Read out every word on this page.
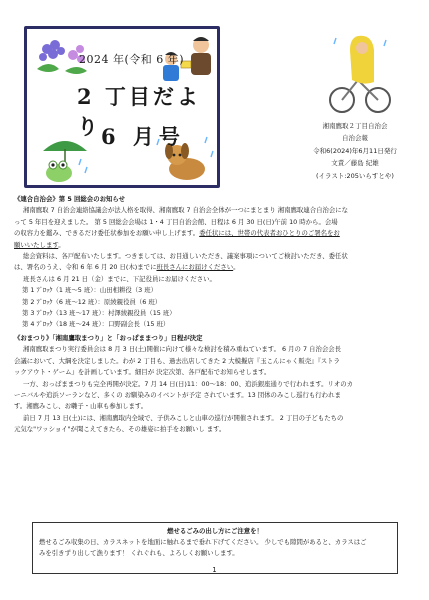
2024 年(令和 6 年)
2 丁目だより 6 月号	湘南鷹取２丁目自治会
自治会報
令和6(2024)年6月11日発行
文責／藤島 紀雄
(イラスト:205いらすとや)

《連合自治会》第 5 回総会のお知らせ

湘南鷹取 7 自治会連絡協議会が法人格を取得、湘南鷹取 7 自治会全体が一つにまとまり 湘南鷹取連合自治会にな

って 5 年目を迎えました。 第 5 回総会会場は 1・4 丁目自治会館、日程は 6 月 30 日(日)午前 10 時から。会場

の収容力を鑑み、できるだけ委任状参加をお願い申し上げます。委任状には、世帯の代表者おひとりのご署名をお

願いいたします。

総会資料は、各戸配布いたします。つきましては、お目通しいただき、議案事項についてご検討いただき、委任状

は、署名のうえ、令和 6 年 6 月 20 日(木)までに班長さんにお届けください。

班長さんは 6 月 21 日（金）までに、下記役員にお届けください。

第 1 ﾌﾞﾛｯｸ（1 班～5 班）：山田相耕役（3 班）

第 2 ﾌﾞﾛｯｸ（6 班～12 班）：原綾親役員（6 班）

第 3 ﾌﾞﾛｯｸ（13 班～17 班）：村澤綾親役員（15 班）

第 4 ﾌﾞﾛｯｸ（18 班～24 班）：口野副会長（15 班）

《おまつり》「湘南鷹取まつり」と「おっぱままつり」日程が決定

湘南鷹取まつり実行委員会は 8 月 3 日(土)開催に向けて様々な検討を積み重ねています。 6 月の 7 自治会会長

会議において、大綱を決定しました。わが 2 丁目も、過去出店してきた 2 大模擬店『玉こんにゃく販売』『ストラ

ックアウト・ゲーム』を計画しています。細目が 決定次第、各戸配布でお知らせします。

一方、おっぱままつりも完全再開が決定。7 月 14 日(日)11：00～18：00、追浜銀座通りで行われます。リオのカ

ーニバルや追浜ソーランなど、多くの お馴染みのイベントが予定 されています。13 団体のみこし巡行も行われま

す。湘鷹みこし、お囃子・山車も参加します。

前日 7 月 13 日(土)には、湘南鷹取内全域で、子供みこしと山車の巡行が開催されます。 2 丁目の子どもたちの

元気な"ワッショイ"が聞こえてきたら、その雄姿に拍手をお願いし ます。

燃せるごみの出し方にご注意を！
燃せるごみ収集の日、カラスネットを地面に触れるまで垂れ下げてください。 少しでも隙間があると、カラスはご
みを引きずり出して漁ります！ くれぐれも、よろしくお願いします。
1
